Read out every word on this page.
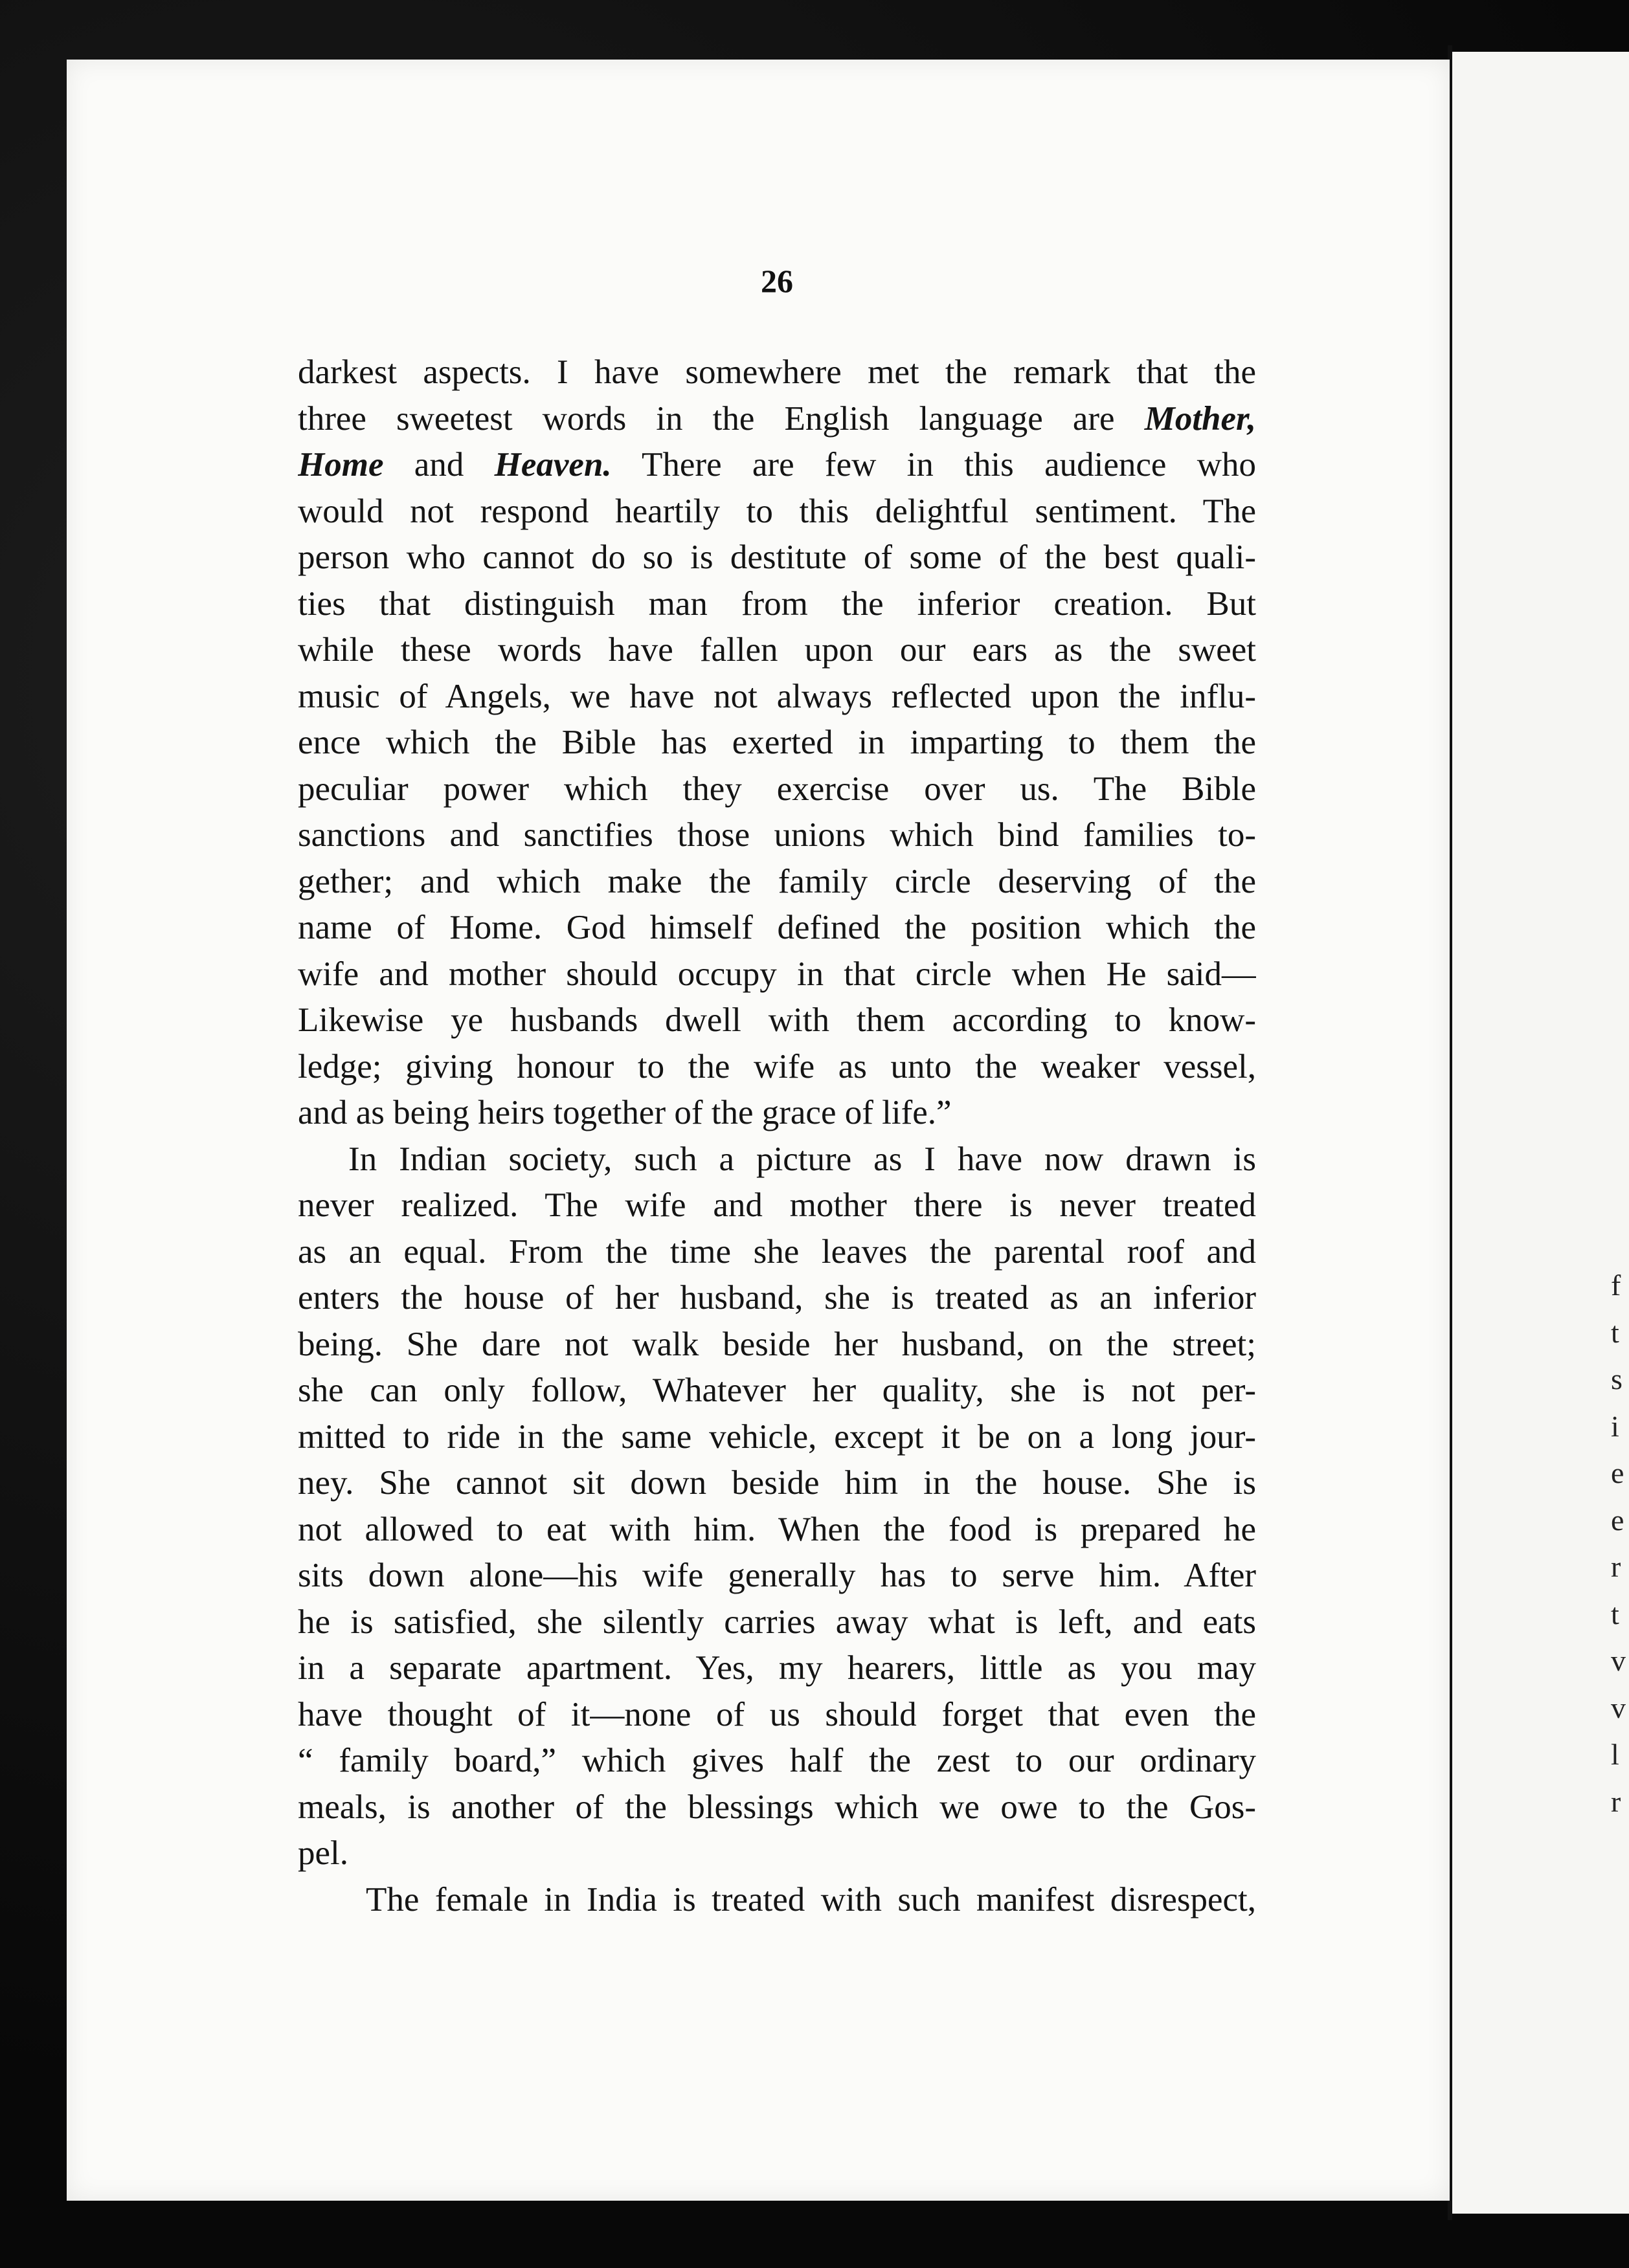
f
t
s
i
e
e
r
t
v
v
l
r
26
darkest aspects. I have somewhere met the remark that the
three sweetest words in the English language are Mother,
Home and Heaven. There are few in this audience who
would not respond heartily to this delightful sentiment. The
person who cannot do so is destitute of some of the best quali-
ties that distinguish man from the inferior creation. But
while these words have fallen upon our ears as the sweet
music of Angels, we have not always reflected upon the influ-
ence which the Bible has exerted in imparting to them the
peculiar power which they exercise over us. The Bible
sanctions and sanctifies those unions which bind families to-
gether; and which make the family circle deserving of the
name of Home. God himself defined the position which the
wife and mother should occupy in that circle when He said—
Likewise ye husbands dwell with them according to know-
ledge; giving honour to the wife as unto the weaker vessel,
and as being heirs together of the grace of life.”
In Indian society, such a picture as I have now drawn is
never realized. The wife and mother there is never treated
as an equal. From the time she leaves the parental roof and
enters the house of her husband, she is treated as an inferior
being. She dare not walk beside her husband, on the street;
she can only follow, Whatever her quality, she is not per-
mitted to ride in the same vehicle, except it be on a long jour-
ney. She cannot sit down beside him in the house. She is
not allowed to eat with him. When the food is prepared he
sits down alone—his wife generally has to serve him. After
he is satisfied, she silently carries away what is left, and eats
in a separate apartment. Yes, my hearers, little as you may
have thought of it—none of us should forget that even the
“ family board,” which gives half the zest to our ordinary
meals, is another of the blessings which we owe to the Gos-
pel.
The female in India is treated with such manifest disrespect,
